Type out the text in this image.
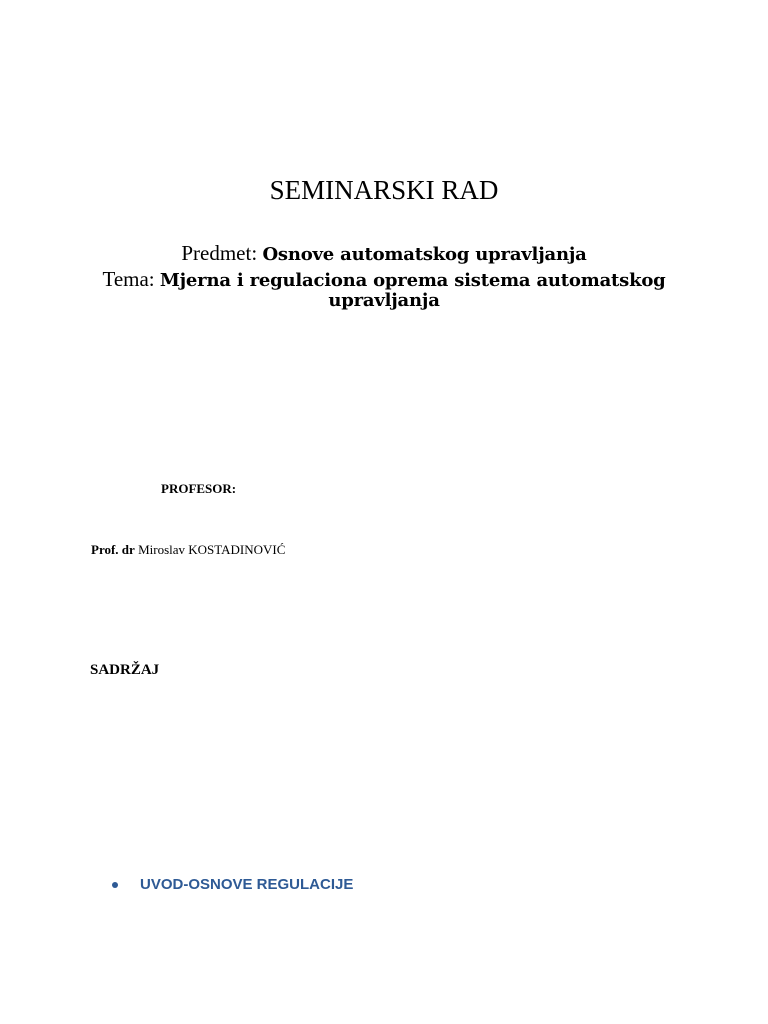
SEMINARSKI RAD
Predmet: Osnove automatskog upravljanja
Tema: Mjerna i regulaciona oprema sistema automatskog upravljanja
PROFESOR:
Prof. dr Miroslav KOSTADINOVIĆ
SADRŽAJ
UVOD-OSNOVE REGULACIJE
